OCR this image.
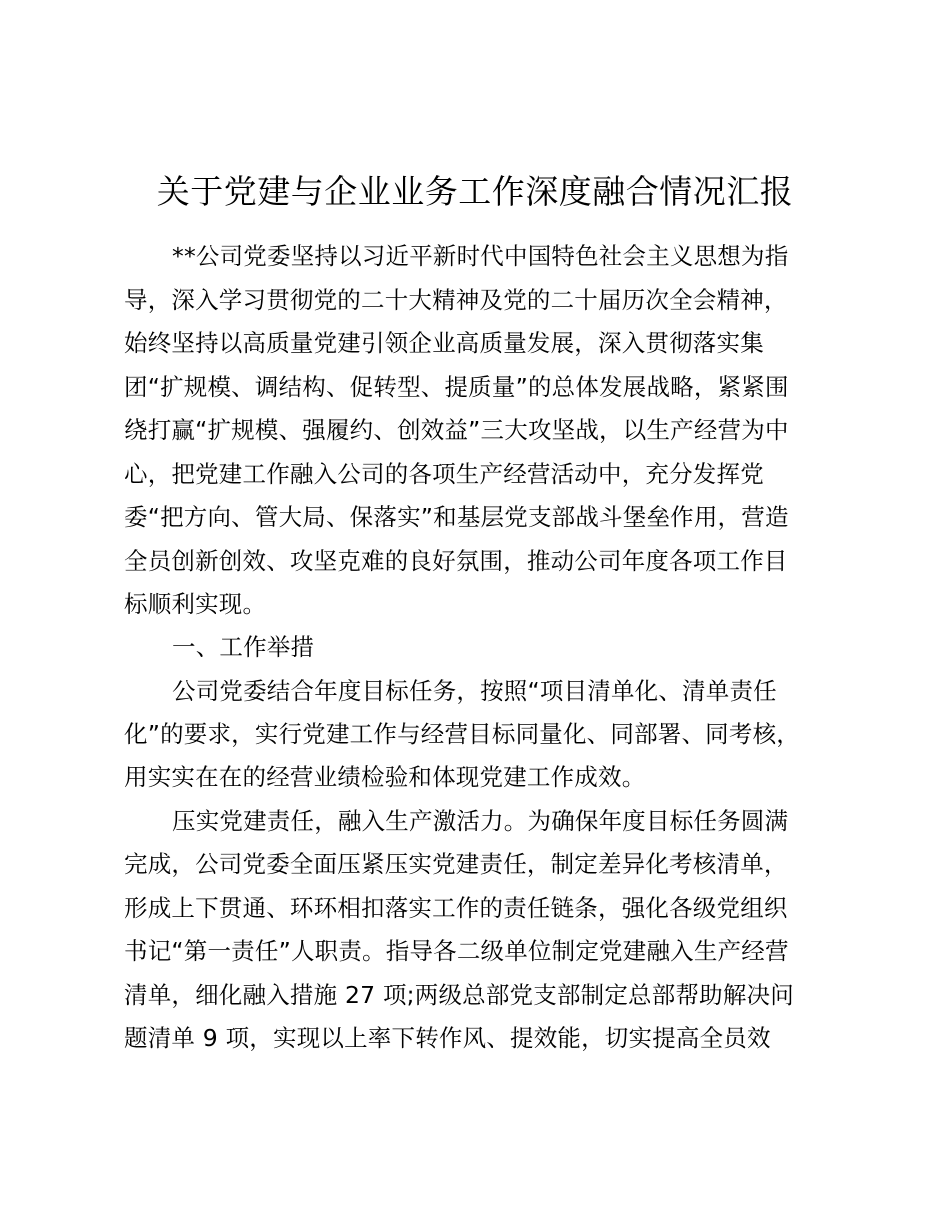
关于党建与企业业务工作深度融合情况汇报
**公司党委坚持以习近平新时代中国特色社会主义思想为指
导，深入学习贯彻党的二十大精神及党的二十届历次全会精神，
始终坚持以高质量党建引领企业高质量发展，深入贯彻落实集
团“扩规模、调结构、促转型、提质量”的总体发展战略，紧紧围
绕打赢“扩规模、强履约、创效益”三大攻坚战，以生产经营为中
心，把党建工作融入公司的各项生产经营活动中，充分发挥党
委“把方向、管大局、保落实”和基层党支部战斗堡垒作用，营造
全员创新创效、攻坚克难的良好氛围，推动公司年度各项工作目
标顺利实现。
一、工作举措
公司党委结合年度目标任务，按照“项目清单化、清单责任
化”的要求，实行党建工作与经营目标同量化、同部署、同考核，
用实实在在的经营业绩检验和体现党建工作成效。
压实党建责任，融入生产激活力。为确保年度目标任务圆满
完成，公司党委全面压紧压实党建责任，制定差异化考核清单，
形成上下贯通、环环相扣落实工作的责任链条，强化各级党组织
书记“第一责任”人职责。指导各二级单位制定党建融入生产经营
清单，细化融入措施 27 项;两级总部党支部制定总部帮助解决问
题清单 9 项，实现以上率下转作风、提效能，切实提高全员效
